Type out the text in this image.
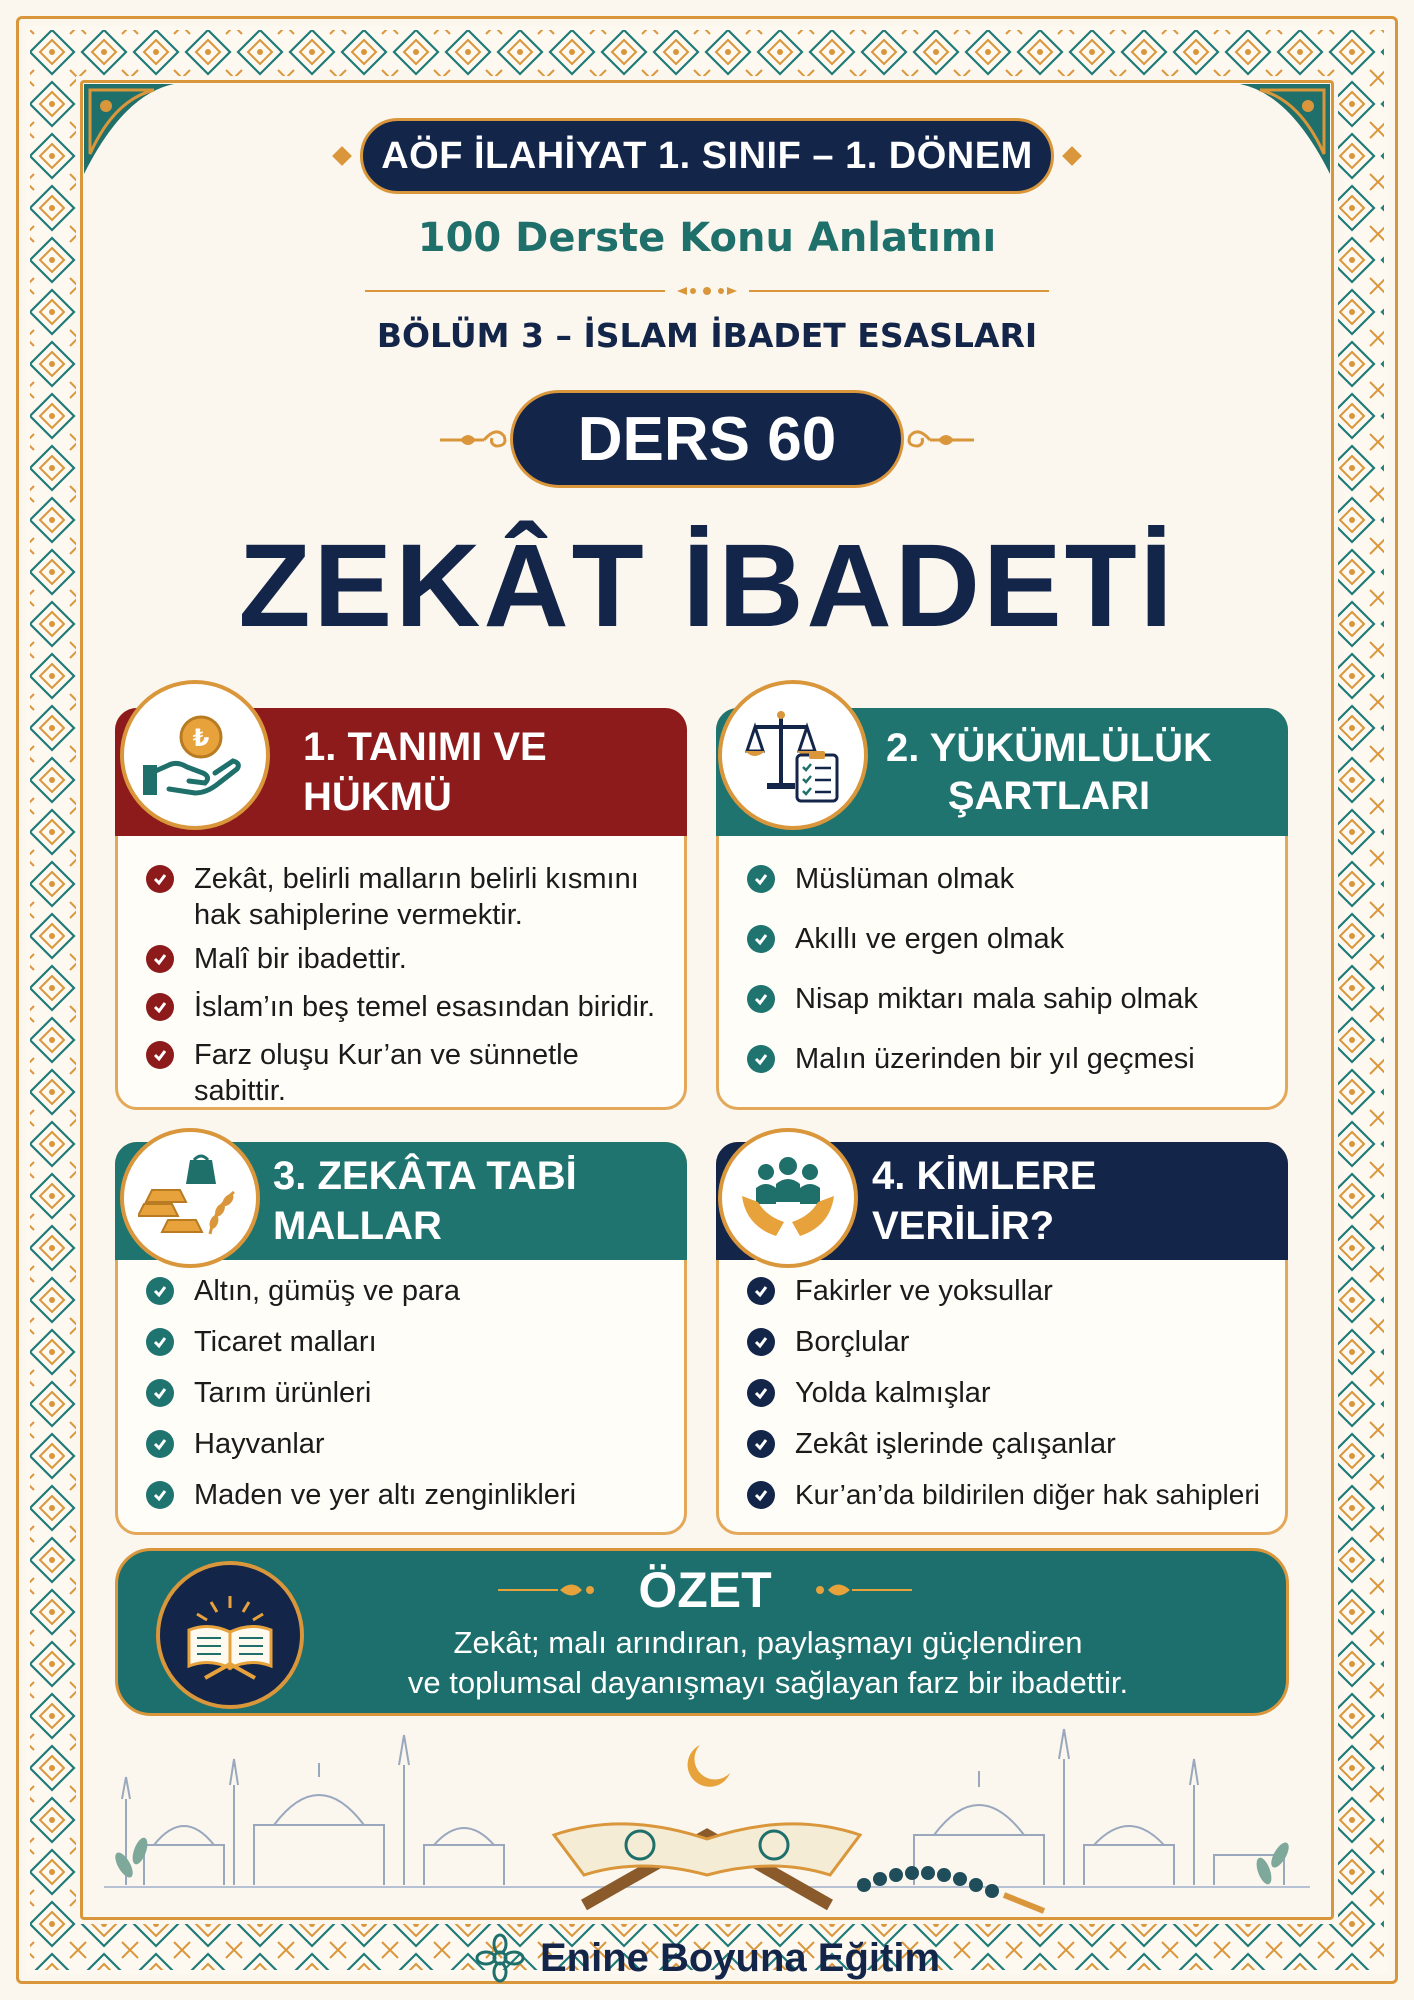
AÖF İLAHİYAT 1. SINIF – 1. DÖNEM
100 Derste Konu Anlatımı
BÖLÜM 3 – İSLAM İBADET ESASLARI
DERS 60
ZEKÂT İBADETİ
1. TANIMI VE HÜKMÜ
Zekât, belirli malların belirli kısmını hak sahiplerine vermektir.
Malî bir ibadettir.
İslam’ın beş temel esasından biridir.
Farz oluşu Kur’an ve sünnetle sabittir.
₺	2. YÜKÜMLÜLÜK
ŞARTLARI
Müslüman olmak
Akıllı ve ergen olmak
Nisap miktarı mala sahip olmak
Malın üzerinden bir yıl geçmesi
3. ZEKÂTA TABİ MALLAR
Altın, gümüş ve para
Ticaret malları
Tarım ürünleri
Hayvanlar
Maden ve yer altı zenginlikleri
4. KİMLERE VERİLİR?
Fakirler ve yoksullar
Borçlular
Yolda kalmışlar
Zekât işlerinde çalışanlar
Kur’an’da bildirilen diğer hak sahipleri
ÖZET
Zekât; malı arındıran, paylaşmayı güçlendiren
ve toplumsal dayanışmayı sağlayan farz bir ibadettir.
Enine Boyuna Eğitim
